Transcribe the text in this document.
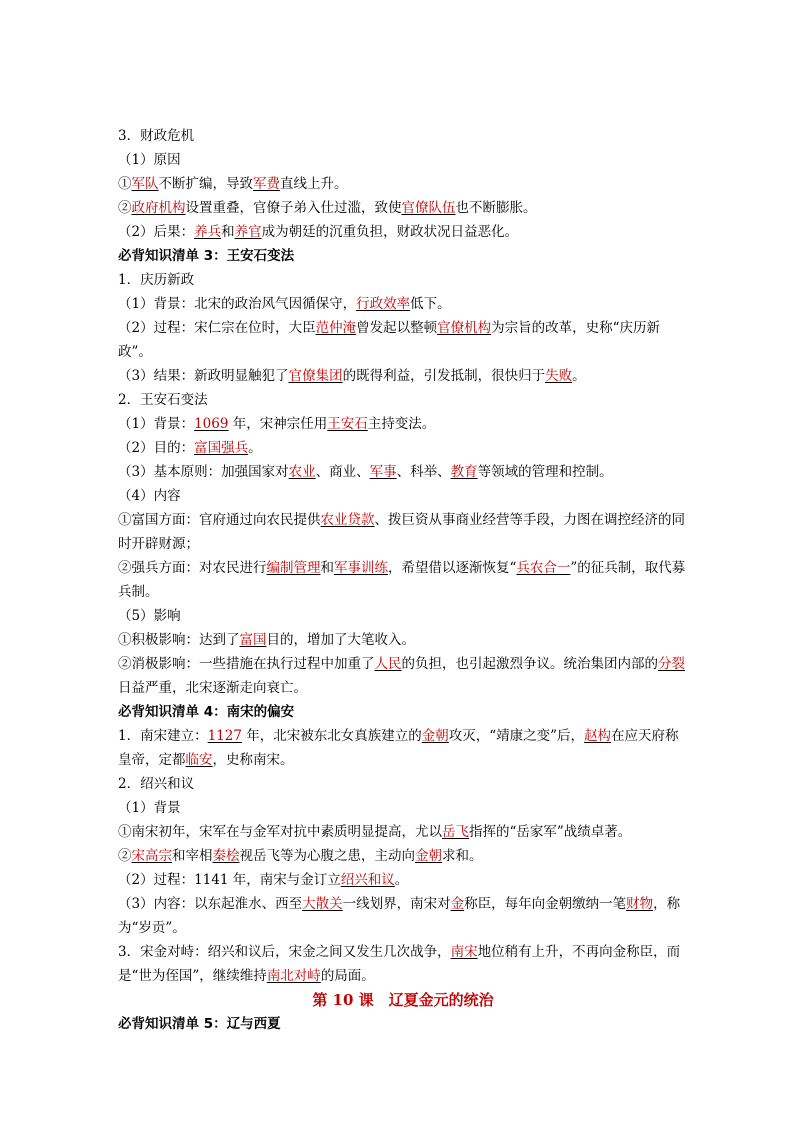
3．财政危机

（1）原因

①军队不断扩编，导致军费直线上升。

②政府机构设置重叠，官僚子弟入仕过滥，致使官僚队伍也不断膨胀。

（2）后果：养兵和养官成为朝廷的沉重负担，财政状况日益恶化。

必背知识清单 3：王安石变法

1．庆历新政

（1）背景：北宋的政治风气因循保守，行政效率低下。

（2）过程：宋仁宗在位时，大臣范仲淹曾发起以整顿官僚机构为宗旨的改革，史称“庆历新政”。

（3）结果：新政明显触犯了官僚集团的既得利益，引发抵制，很快归于失败。

2．王安石变法

（1）背景：1069 年，宋神宗任用王安石主持变法。

（2）目的：富国强兵。

（3）基本原则：加强国家对农业、商业、军事、科举、教育等领域的管理和控制。

（4）内容

①富国方面：官府通过向农民提供农业贷款、拨巨资从事商业经营等手段，力图在调控经济的同时开辟财源；

②强兵方面：对农民进行编制管理和军事训练，希望借以逐渐恢复“兵农合一”的征兵制，取代募兵制。

（5）影响

①积极影响：达到了富国目的，增加了大笔收入。

②消极影响：一些措施在执行过程中加重了人民的负担，也引起激烈争议。统治集团内部的分裂日益严重，北宋逐渐走向衰亡。

必背知识清单 4：南宋的偏安

1．南宋建立：1127 年，北宋被东北女真族建立的金朝攻灭，“靖康之变”后，赵构在应天府称皇帝，定都临安，史称南宋。

2．绍兴和议

（1）背景

①南宋初年，宋军在与金军对抗中素质明显提高，尤以岳飞指挥的“岳家军”战绩卓著。

②宋高宗和宰相秦桧视岳飞等为心腹之患，主动向金朝求和。

（2）过程：1141 年，南宋与金订立绍兴和议。

（3）内容：以东起淮水、西至大散关一线划界，南宋对金称臣，每年向金朝缴纳一笔财物，称为“岁贡”。

3．宋金对峙：绍兴和议后，宋金之间又发生几次战争，南宋地位稍有上升，不再向金称臣，而是“世为侄国”，继续维持南北对峙的局面。

第 10 课　辽夏金元的统治

必背知识清单 5：辽与西夏
